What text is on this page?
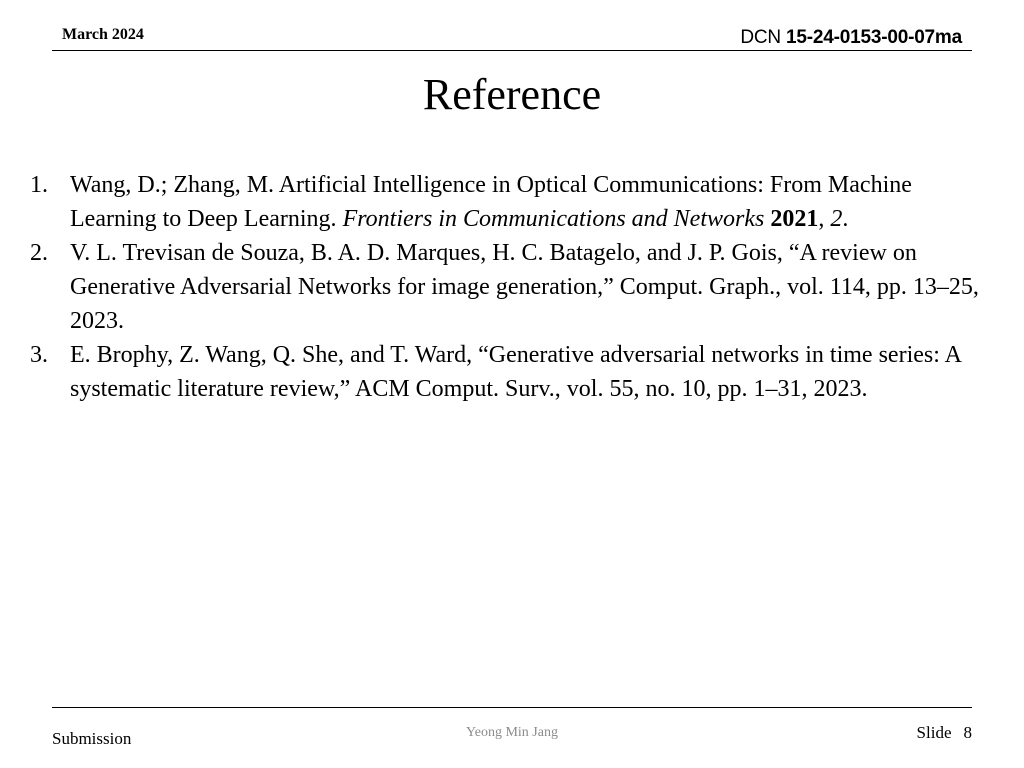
March 2024	DCN 15-24-0153-00-07ma
Reference
1. Wang, D.; Zhang, M. Artificial Intelligence in Optical Communications: From Machine Learning to Deep Learning. Frontiers in Communications and Networks 2021, 2.
2. V. L. Trevisan de Souza, B. A. D. Marques, H. C. Batagelo, and J. P. Gois, “A review on Generative Adversarial Networks for image generation,” Comput. Graph., vol. 114, pp. 13–25, 2023.
3. E. Brophy, Z. Wang, Q. She, and T. Ward, “Generative adversarial networks in time series: A systematic literature review,” ACM Comput. Surv., vol. 55, no. 10, pp. 1–31, 2023.
Submission	Yeong Min Jang	Slide 8
